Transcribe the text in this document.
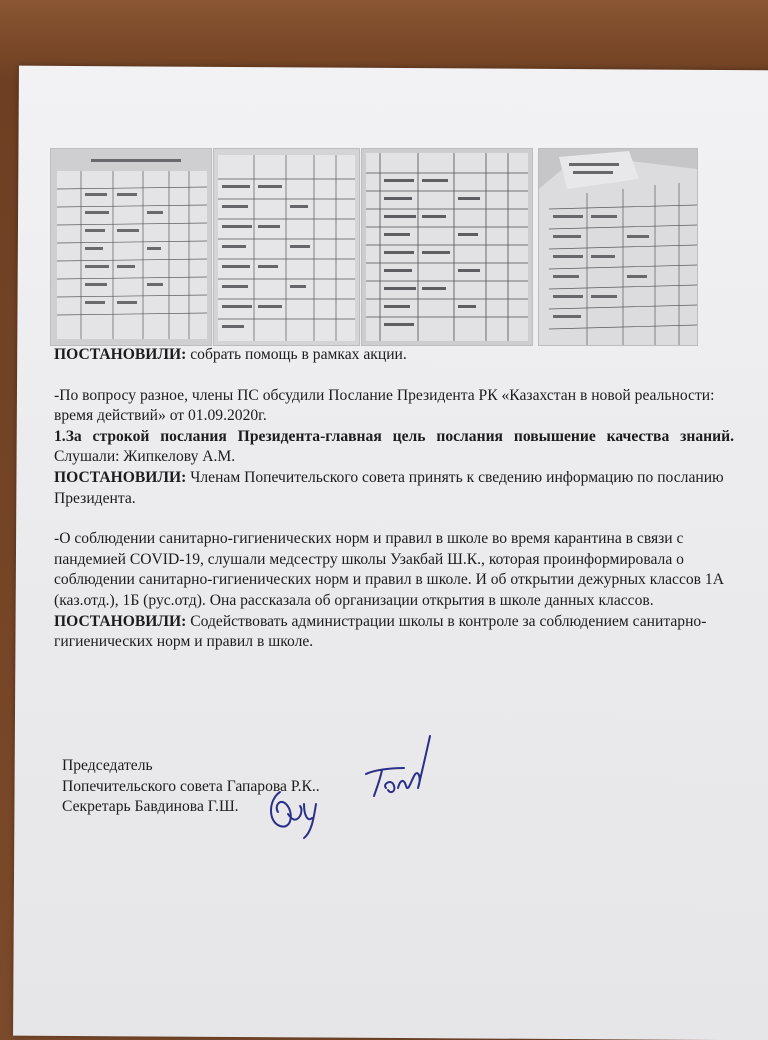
ПОСТАНОВИЛИ: собрать помощь в рамках акции.

-По вопросу разное, члены ПС обсудили Послание Президента РК «Казахстан в новой реальности: время действий» от 01.09.2020г.

1.За строкой послания Президента-главная цель послания повышение качества знаний. Слушали: Жипкелову А.М.

ПОСТАНОВИЛИ: Членам Попечительского совета принять к сведению информацию по посланию Президента.

-О соблюдении санитарно-гигиенических норм и правил в школе во время карантина в связи с пандемией COVID-19, слушали медсестру школы Узакбай Ш.К., которая проинформировала о соблюдении санитарно-гигиенических норм и правил в школе. И об открытии дежурных классов 1А (каз.отд.), 1Б (рус.отд). Она рассказала об организации открытия в школе данных классов.

ПОСТАНОВИЛИ: Содействовать администрации школы в контроле за соблюдением санитарно-гигиенических норм и правил в школе.

Председатель

Попечительского совета Гапарова Р.К..

Секретарь Бавдинова Г.Ш.
